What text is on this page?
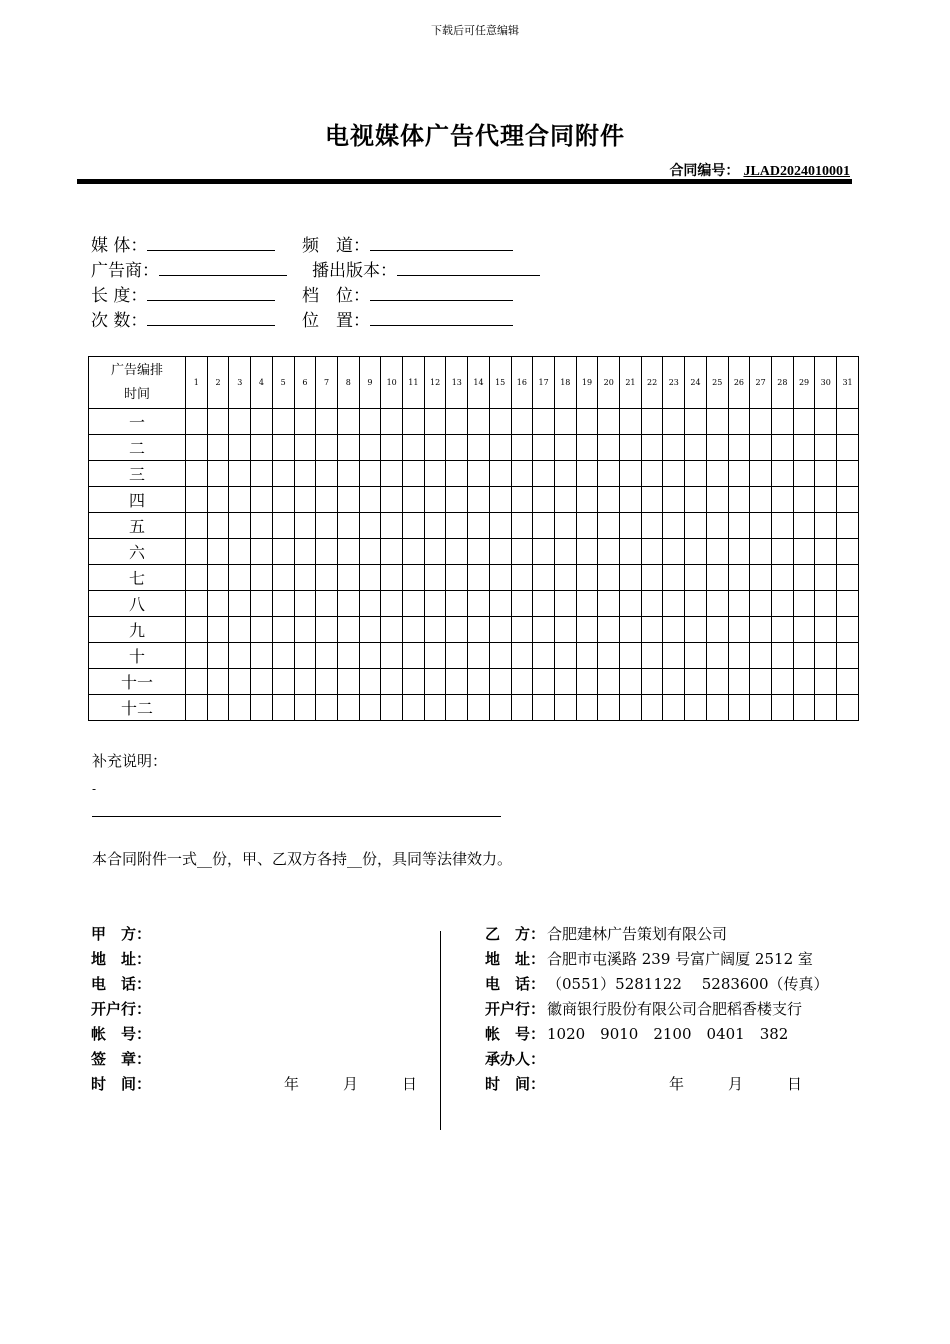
下载后可任意编辑
电视媒体广告代理合同附件
合同编号： JLAD2024010001
媒 体：	频　道：
广告商：	播出版本：
长 度：	档　位：
次 数：	位　置：
广告编排
时间	1	2	3	4	5	6	7	8	9	10	11	12	13	14	15	16	17	18	19	20	21	22	23	24	25	26	27	28	29	30	31
一																															
二																															
三																															
四																															
五																															
六																															
七																															
八																															
九																															
十																															
十一																															
十二																															
补充说明：
-
本合同附件一式__份，甲、乙双方各持__份，具同等法律效力。
甲　方：
地　址：
电　话：
开户行：
帐　号：
签　章：
时　间：	年	月	日
乙　方： 合肥建林广告策划有限公司
地　址： 合肥市屯溪路 239 号富广阔厦 2512 室
电　话： （0551）5281122　 5283600（传真）
开户行： 徽商银行股份有限公司合肥稻香楼支行
帐　号： 1020　9010　2100　0401　382
承办人：
时　间：	年	月	日
